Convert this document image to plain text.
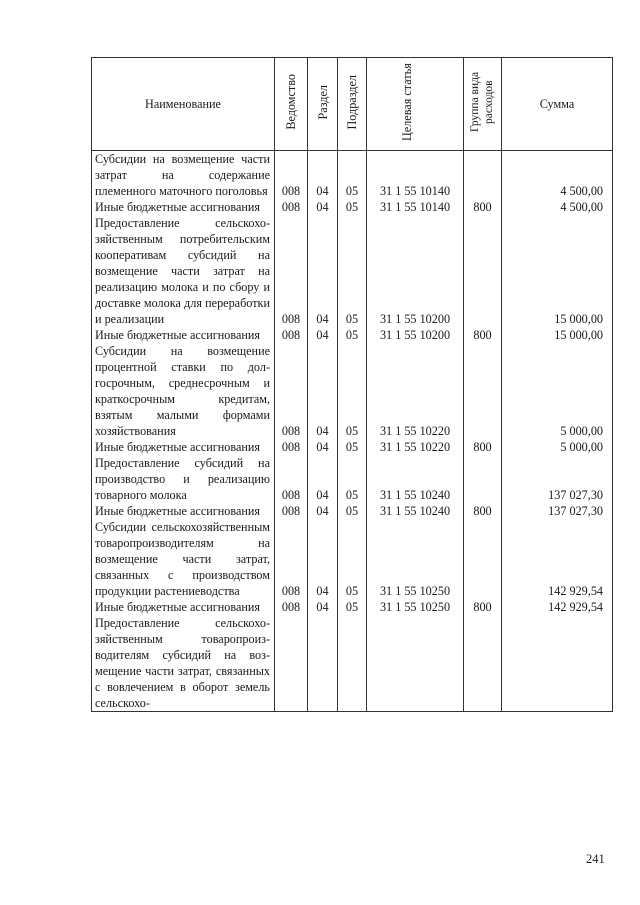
Наименование	Ведомство	Раздел	Подраздел	Целевая статья	Группа вида расходов	Сумма
Субсидии на возмещение части затрат на содержание племенного маточного поголовья	008	04	05	31 1 55 10140		4 500,00
Иные бюджетные ассигнования	008	04	05	31 1 55 10140	800	4 500,00
Предоставление сельскохозяйственным потребительским кооперативам субсидий на возмещение части затрат на реализацию молока и по сбору и доставке молока для переработки и реализации	008	04	05	31 1 55 10200		15 000,00
Иные бюджетные ассигнования	008	04	05	31 1 55 10200	800	15 000,00
Субсидии на возмещение процентной ставки по долгосрочным, среднесрочным и краткосрочным кредитам, взятым малыми формами хозяйствования	008	04	05	31 1 55 10220		5 000,00
Иные бюджетные ассигнования	008	04	05	31 1 55 10220	800	5 000,00
Предоставление субсидий на производство и реализацию товарного молока	008	04	05	31 1 55 10240		137 027,30
Иные бюджетные ассигнования	008	04	05	31 1 55 10240	800	137 027,30
Субсидии сельскохозяйственным товаропроизводителям на возмещение части затрат, связанных с производством продукции растениеводства	008	04	05	31 1 55 10250		142 929,54
Иные бюджетные ассигнования	008	04	05	31 1 55 10250	800	142 929,54
Предоставление сельскохозяйственным товаропроизводителям субсидий на возмещение части затрат, связанных с вовлечением в оборот земель сельскохо-						
241
